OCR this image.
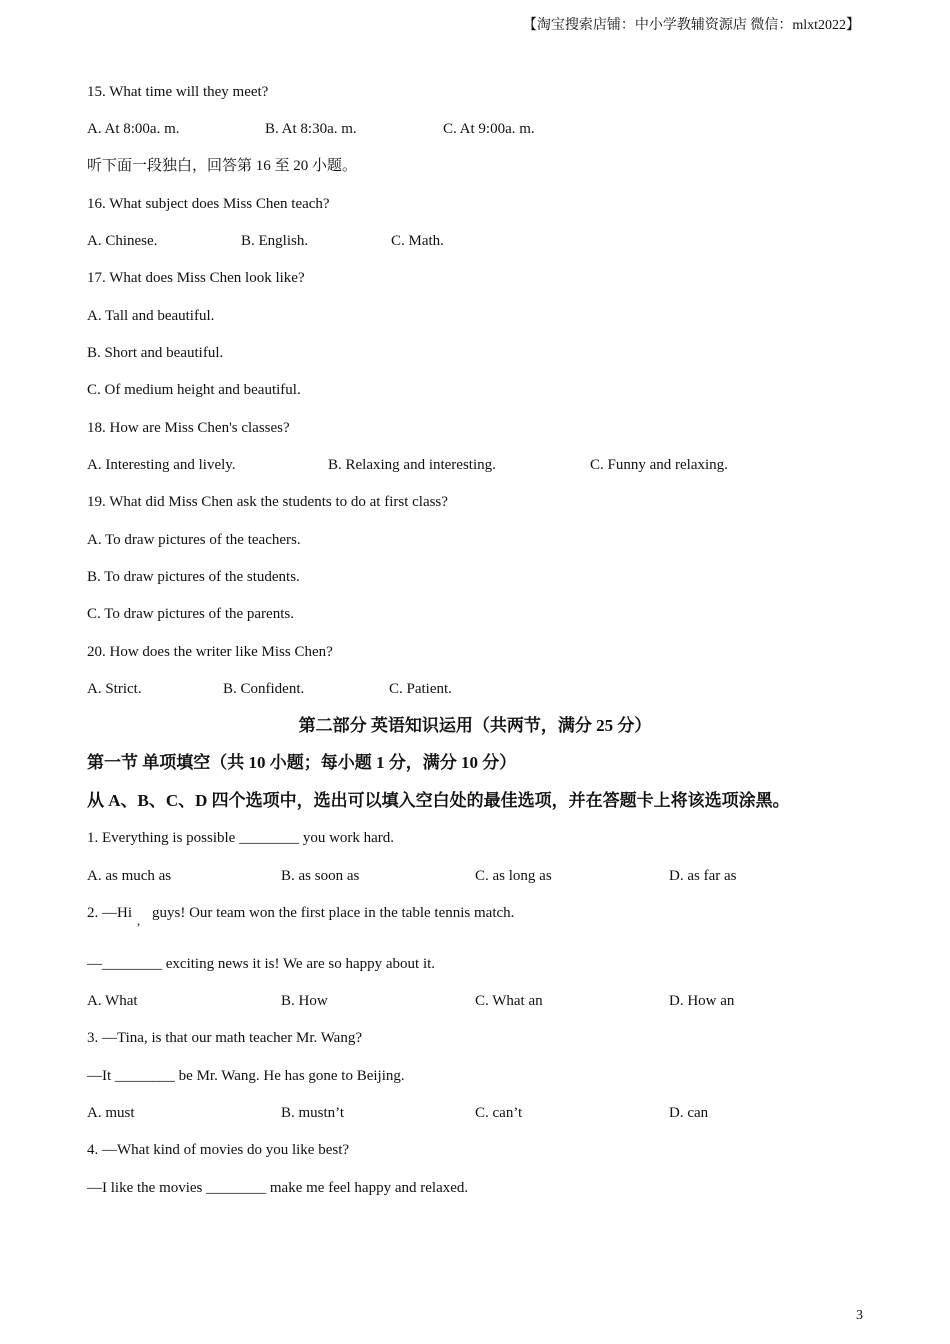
【淘宝搜索店铺：中小学教辅资源店 微信：mlxt2022】
15. What time will they meet?
A. At 8:00a. m.	B. At 8:30a. m.	C. At 9:00a. m.
听下面一段独白，回答第 16 至 20 小题。
16. What subject does Miss Chen teach?
A. Chinese.	B. English.	C. Math.
17. What does Miss Chen look like?
A. Tall and beautiful.
B. Short and beautiful.
C. Of medium height and beautiful.
18. How are Miss Chen's classes?
A. Interesting and lively.	B. Relaxing and interesting.	C. Funny and relaxing.
19. What did Miss Chen ask the students to do at first class?
A. To draw pictures of the teachers.
B. To draw pictures of the students.
C. To draw pictures of the parents.
20. How does the writer like Miss Chen?
A. Strict.	B. Confident.	C. Patient.
第二部分 英语知识运用（共两节，满分 25 分）
第一节 单项填空（共 10 小题；每小题 1 分，满分 10 分）
从 A、B、C、D 四个选项中，选出可以填入空白处的最佳选项，并在答题卡上将该选项涂黑。
1. Everything is possible ________ you work hard.
A. as much as	B. as soon as	C. as long as	D. as far as
2. —Hi , guys! Our team won the first place in the table tennis match.
—________ exciting news it is! We are so happy about it.
A. What	B. How	C. What an	D. How an
3. —Tina, is that our math teacher Mr. Wang?
—It ________ be Mr. Wang. He has gone to Beijing.
A. must	B. mustn’t	C. can’t	D. can
4. —What kind of movies do you like best?
—I like the movies ________ make me feel happy and relaxed.
3
